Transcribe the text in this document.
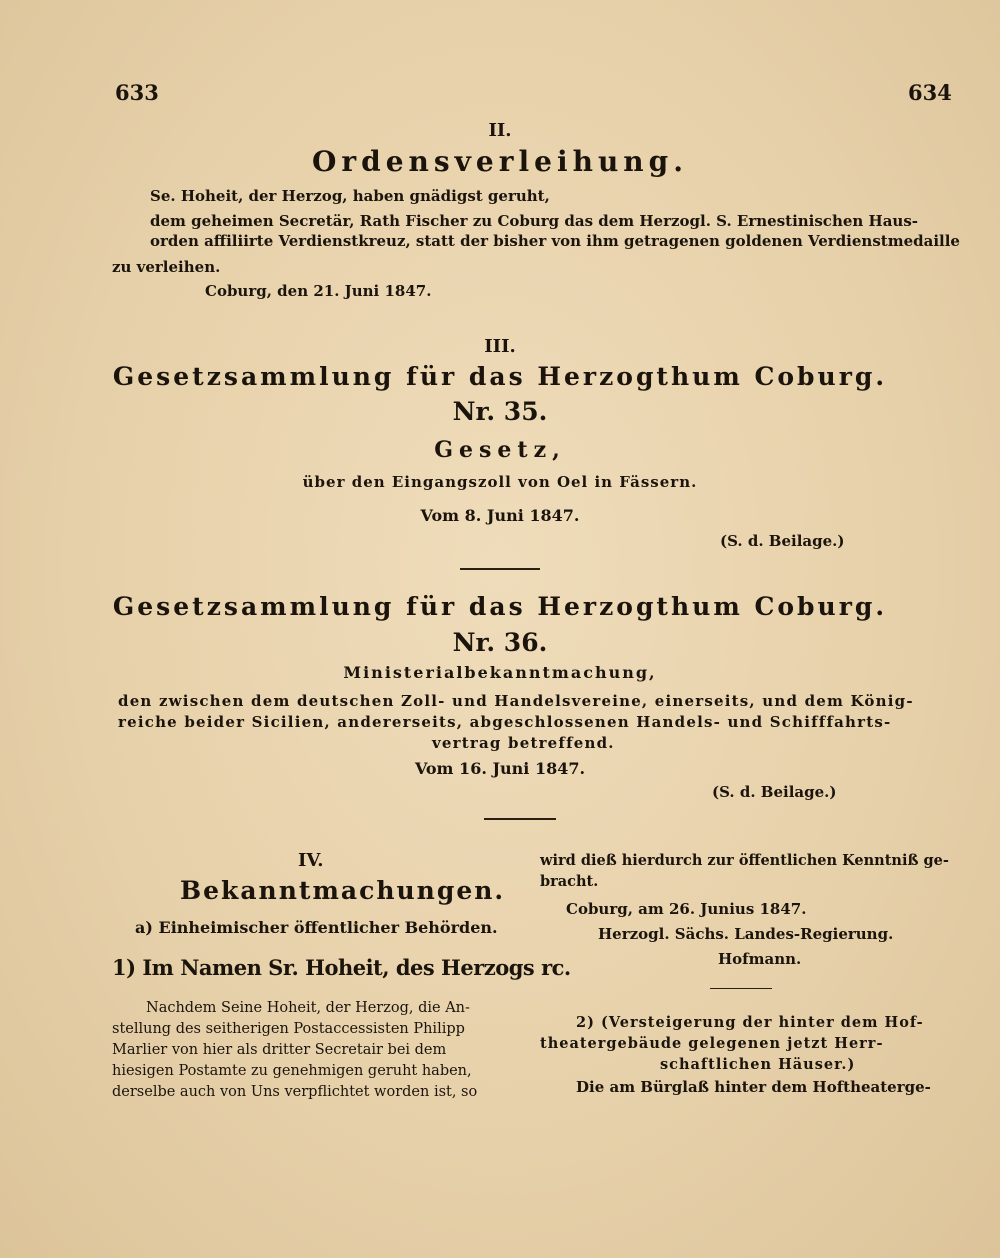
633	634
II.
Ordensverleihung.
Se. Hoheit, der Herzog, haben gnädigst geruht,
dem geheimen Secretär, Rath Fischer zu Coburg das dem Herzogl. S. Ernestinischen Haus-
orden affiliirte Verdienstkreuz, statt der bisher von ihm getragenen goldenen Verdienstmedaille
zu verleihen.
Coburg, den 21. Juni 1847.
III.
Gesetzsammlung für das Herzogthum Coburg.
Nr. 35.
Gesetz,
über den Eingangszoll von Oel in Fässern.
Vom 8. Juni 1847.
(S. d. Beilage.)
Gesetzsammlung für das Herzogthum Coburg.
Nr. 36.
Ministerialbekanntmachung,
den zwischen dem deutschen Zoll- und Handelsvereine, einerseits, und dem König-
reiche beider Sicilien, andererseits, abgeschlossenen Handels- und Schifffahrts-
vertrag betreffend.
Vom 16. Juni 1847.
(S. d. Beilage.)
IV.
Bekanntmachungen.
a) Einheimischer öffentlicher Behörden.
1) Im Namen Sr. Hoheit, des Herzogs rc.
Nachdem Seine Hoheit, der Herzog, die An-
stellung des seitherigen Postaccessisten Philipp
Marlier von hier als dritter Secretair bei dem
hiesigen Postamte zu genehmigen geruht haben,
derselbe auch von Uns verpflichtet worden ist, so
wird dieß hierdurch zur öffentlichen Kenntniß ge-
bracht.
Coburg, am 26. Junius 1847.
Herzogl. Sächs. Landes-Regierung.
Hofmann.
2) (Versteigerung der hinter dem Hof-
theatergebäude gelegenen jetzt Herr-
schaftlichen Häuser.)
Die am Bürglaß hinter dem Hoftheaterge-
